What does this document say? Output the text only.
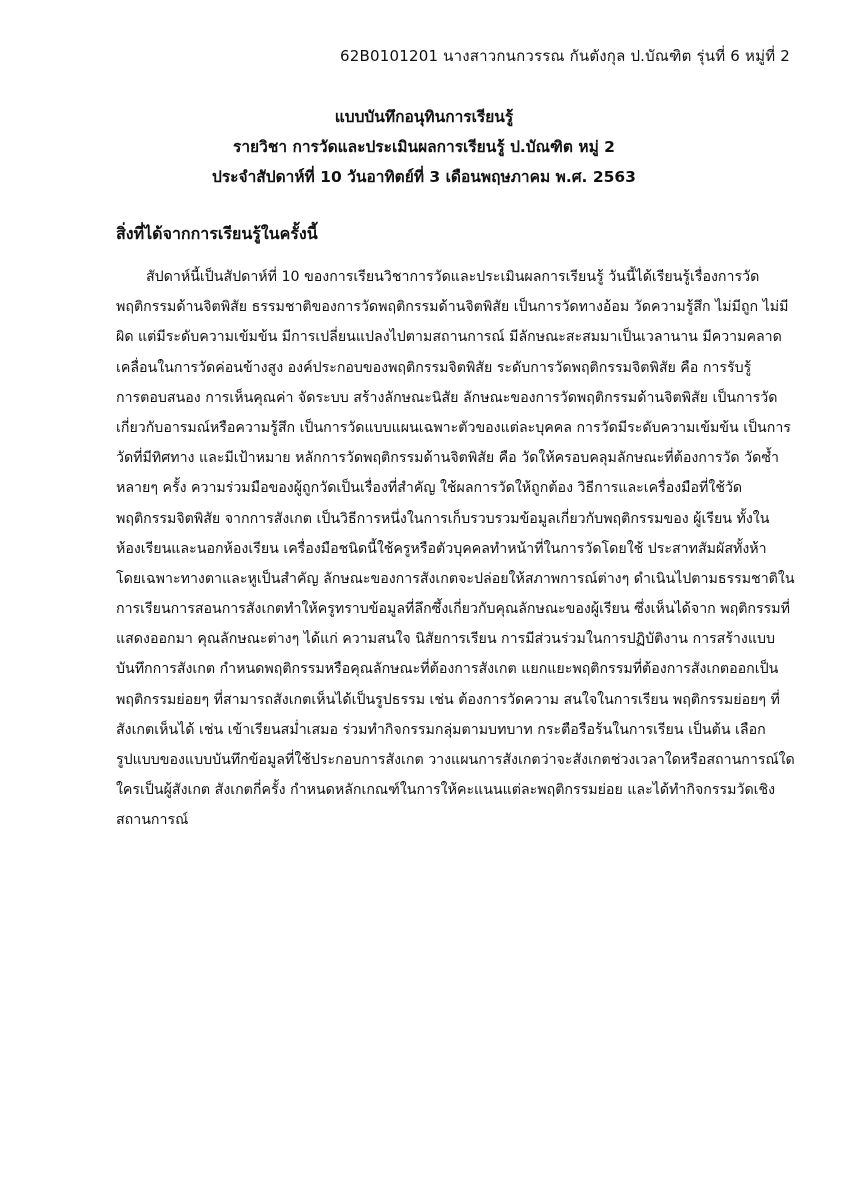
62B0101201 นางสาวกนกวรรณ กันตังกุล ป.บัณฑิต รุ่นที่ 6 หมู่ที่ 2
แบบบันทึกอนุทินการเรียนรู้
รายวิชา การวัดและประเมินผลการเรียนรู้ ป.บัณฑิต หมู่ 2
ประจำสัปดาห์ที่ 10 วันอาทิตย์ที่ 3 เดือนพฤษภาคม พ.ศ. 2563
สิ่งที่ได้จากการเรียนรู้ในครั้งนี้
สัปดาห์นี้เป็นสัปดาห์ที่ 10 ของการเรียนวิชาการวัดและประเมินผลการเรียนรู้ วันนี้ได้เรียนรู้เรื่องการวัด
พฤติกรรมด้านจิตพิสัย ธรรมชาติของการวัดพฤติกรรมด้านจิตพิสัย เป็นการวัดทางอ้อม วัดความรู้สึก ไม่มีถูก ไม่มี
ผิด แต่มีระดับความเข้มข้น มีการเปลี่ยนแปลงไปตามสถานการณ์ มีลักษณะสะสมมาเป็นเวลานาน มีความคลาด
เคลื่อนในการวัดค่อนข้างสูง องค์ประกอบของพฤติกรรมจิตพิสัย ระดับการวัดพฤติกรรมจิตพิสัย คือ การรับรู้
การตอบสนอง การเห็นคุณค่า จัดระบบ สร้างลักษณะนิสัย ลักษณะของการวัดพฤติกรรมด้านจิตพิสัย เป็นการวัด
เกี่ยวกับอารมณ์หรือความรู้สึก เป็นการวัดแบบแผนเฉพาะตัวของแต่ละบุคคล การวัดมีระดับความเข้มข้น เป็นการ
วัดที่มีทิศทาง และมีเป้าหมาย หลักการวัดพฤติกรรมด้านจิตพิสัย คือ วัดให้ครอบคลุมลักษณะที่ต้องการวัด วัดซ้ำ
หลายๆ ครั้ง ความร่วมมือของผู้ถูกวัดเป็นเรื่องที่สำคัญ ใช้ผลการวัดให้ถูกต้อง วิธีการและเครื่องมือที่ใช้วัด
พฤติกรรมจิตพิสัย จากการสังเกต เป็นวิธีการหนึ่งในการเก็บรวบรวมข้อมูลเกี่ยวกับพฤติกรรมของ ผู้เรียน ทั้งใน
ห้องเรียนและนอกห้องเรียน เครื่องมือชนิดนี้ใช้ครูหรือตัวบุคคลทำหน้าที่ในการวัดโดยใช้ ประสาทสัมผัสทั้งห้า
โดยเฉพาะทางตาและหูเป็นสำคัญ ลักษณะของการสังเกตจะปล่อยให้สภาพการณ์ต่างๆ ดำเนินไปตามธรรมชาติใน
การเรียนการสอนการสังเกตทำให้ครูทราบข้อมูลที่ลึกซึ้งเกี่ยวกับคุณลักษณะของผู้เรียน ซึ่งเห็นได้จาก พฤติกรรมที่
แสดงออกมา คุณลักษณะต่างๆ ได้แก่ ความสนใจ นิสัยการเรียน การมีส่วนร่วมในการปฏิบัติงาน การสร้างแบบ
บันทึกการสังเกต กำหนดพฤติกรรมหรือคุณลักษณะที่ต้องการสังเกต แยกแยะพฤติกรรมที่ต้องการสังเกตออกเป็น
พฤติกรรมย่อยๆ ที่สามารถสังเกตเห็นได้เป็นรูปธรรม เช่น ต้องการวัดความ สนใจในการเรียน พฤติกรรมย่อยๆ ที่
สังเกตเห็นได้ เช่น เข้าเรียนสม่ำเสมอ ร่วมทำกิจกรรมกลุ่มตามบทบาท กระตือรือร้นในการเรียน เป็นต้น เลือก
รูปแบบของแบบบันทึกข้อมูลที่ใช้ประกอบการสังเกต วางแผนการสังเกตว่าจะสังเกตช่วงเวลาใดหรือสถานการณ์ใด
ใครเป็นผู้สังเกต สังเกตกี่ครั้ง กำหนดหลักเกณฑ์ในการให้คะแนนแต่ละพฤติกรรมย่อย และได้ทำกิจกรรมวัดเชิง
สถานการณ์
